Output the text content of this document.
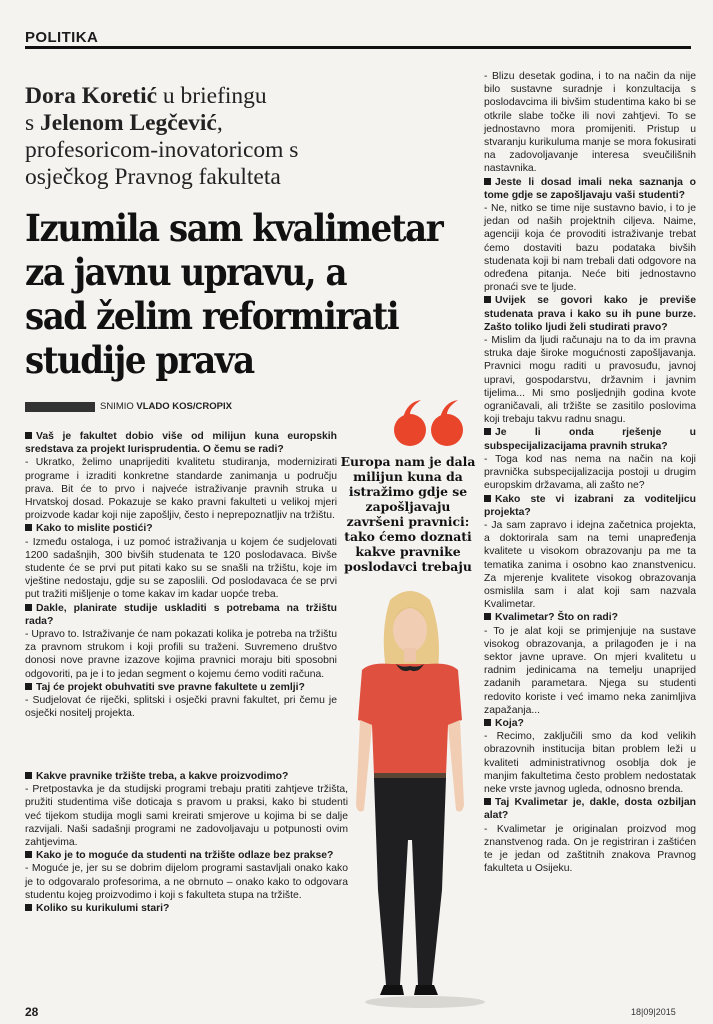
POLITIKA
Dora Koretić u briefingu
s Jelenom Legčević,
profesoricom-inovatoricom s
osječkog Pravnog fakulteta
Izumila sam kvalimetar
za javnu upravu, a
sad želim reformirati
studije prava
SNIMIO VLADO KOS/CROPIX

Vaš je fakultet dobio više od milijun kuna europskih sredstava za projekt Iurisprudentia. O čemu se radi?

- Ukratko, želimo unaprijediti kvalitetu studiranja, modernizirati programe i izraditi konkretne standarde zanimanja u području prava. Bit će to prvo i najveće istraživanje pravnih struka u Hrvatskoj dosad. Pokazuje se kako pravni fakulteti u velikoj mjeri proizvode kadar koji nije zapošljiv, često i neprepoznatljiv na tržištu.

Kako to mislite postići?

- Između ostaloga, i uz pomoć istraživanja u kojem će sudjelovati 1200 sadašnjih, 300 bivših studenata te 120 poslodavaca. Bivše studente će se prvi put pitati kako su se snašli na tržištu, koje im vještine nedostaju, gdje su se zaposlili. Od poslodavaca će se prvi put tražiti mišljenje o tome kakav im kadar uopće treba.

Dakle, planirate studije uskladiti s potrebama na tržištu rada?

- Upravo to. Istraživanje će nam pokazati kolika je potreba na tržištu za pravnom strukom i koji profili su traženi. Suvremeno društvo donosi nove pravne izazove kojima pravnici moraju biti sposobni odgovoriti, pa je i to jedan segment o kojemu ćemo voditi računa.

Taj će projekt obuhvatiti sve pravne fakultete u zemlji?

- Sudjelovat će riječki, splitski i osječki pravni fakultet, pri čemu je osječki nositelj projekta.

Kakve pravnike tržište treba, a kakve proizvodimo?

- Pretpostavka je da studijski programi trebaju pratiti zahtjeve tržišta, pružiti studentima više doticaja s pravom u praksi, kako bi studenti već tijekom studija mogli sami kreirati smjerove u kojima bi se dalje razvijali. Naši sadašnji programi ne zadovoljavaju u potpunosti ovim zahtjevima.

Kako je to moguće da studenti na tržište odlaze bez prakse?

- Moguće je, jer su se dobrim dijelom programi sastavljali onako kako je to odgovaralo profesorima, a ne obrnuto – onako kako to odgovara studentu kojeg proizvodimo i koji s fakulteta stupa na tržište.

Koliko su kurikulumi stari?

Europa nam je dala milijun kuna da istražimo gdje se zapošljavaju završeni pravnici: tako ćemo doznati kakve pravnike poslodavci trebaju

- Blizu desetak godina, i to na način da nije bilo sustavne suradnje i konzultacija s poslodavcima ili bivšim studentima kako bi se otkrile slabe točke ili novi zahtjevi. To se jednostavno mora promijeniti. Pristup u stvaranju kurikuluma manje se mora fokusirati na zadovoljavanje interesa sveučilišnih nastavnika.

Jeste li dosad imali neka saznanja o tome gdje se zapošljavaju vaši studenti?

- Ne, nitko se time nije sustavno bavio, i to je jedan od naših projektnih ciljeva. Naime, agenciji koja će provoditi istraživanje trebat ćemo dostaviti bazu podataka bivših studenata koji bi nam trebali dati odgovore na određena pitanja. Neće biti jednostavno pronaći sve te ljude.

Uvijek se govori kako je previše studenata prava i kako su ih pune burze. Zašto toliko ljudi želi studirati pravo?

- Mislim da ljudi računaju na to da im pravna struka daje široke mogućnosti zapošljavanja. Pravnici mogu raditi u pravosuđu, javnoj upravi, gospodarstvu, državnim i javnim tijelima... Mi smo posljednjih godina kvote ograničavali, ali tržište se zasitilo poslovima koji trebaju takvu radnu snagu.

Je li onda rješenje u subspecijalizacijama pravnih struka?

- Toga kod nas nema na način na koji pravnička subspecijalizacija postoji u drugim europskim državama, ali zašto ne?

Kako ste vi izabrani za voditeljicu projekta?

- Ja sam zapravo i idejna začetnica projekta, a doktorirala sam na temi unapređenja kvalitete u visokom obrazovanju pa me ta tematika zanima i osobno kao znanstvenicu. Za mjerenje kvalitete visokog obrazovanja osmislila sam i alat koji sam nazvala Kvalimetar.

Kvalimetar? Što on radi?

- To je alat koji se primjenjuje na sustave visokog obrazovanja, a prilagođen je i na sektor javne uprave. On mjeri kvalitetu u radnim jedinicama na temelju unaprijed zadanih parametara. Njega su studenti redovito koriste i već imamo neka zanimljiva zapažanja...

Koja?

- Recimo, zaključili smo da kod velikih obrazovnih institucija bitan problem leži u kvaliteti administrativnog osoblja dok je manjim fakultetima često problem nedostatak neke vrste javnog ugleda, odnosno brenda.

Taj Kvalimetar je, dakle, dosta ozbiljan alat?

- Kvalimetar je originalan proizvod mog znanstvenog rada. On je registriran i zaštićen te je jedan od zaštitnih znakova Pravnog fakulteta u Osijeku.

28	18|09|2015
